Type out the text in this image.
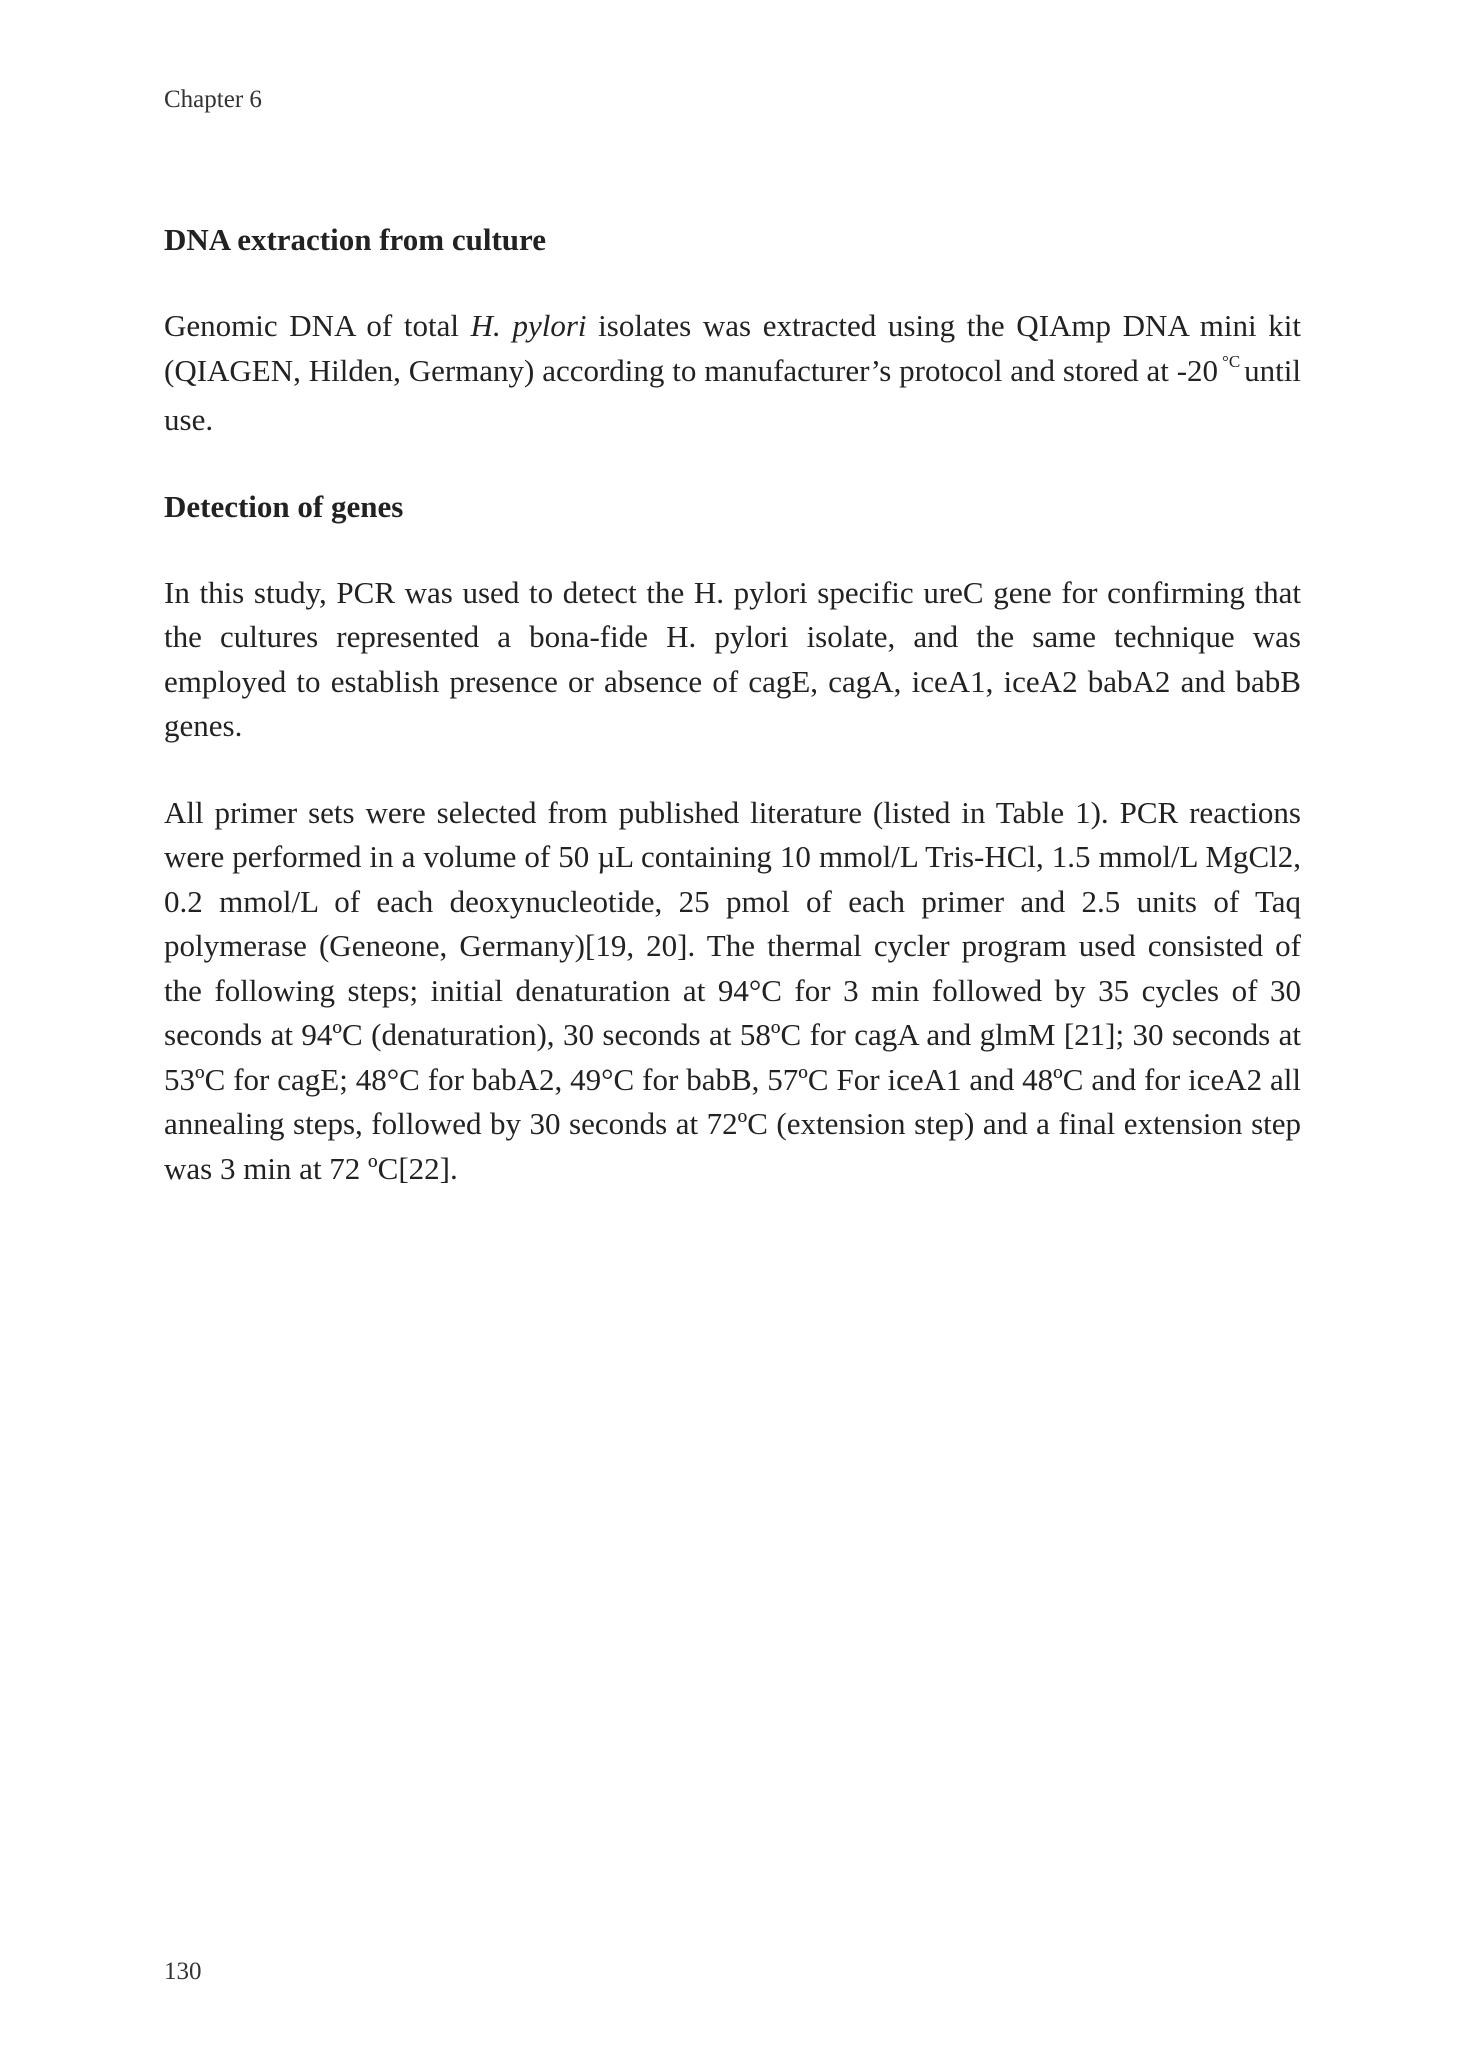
Chapter 6
DNA extraction from culture

Genomic DNA of total H. pylori isolates was extracted using the QIAmp DNA mini kit (QIAGEN, Hilden, Germany) according to manufacturer’s protocol and stored at -20 $^{^\circ C}$ until use.

Detection of genes

In this study, PCR was used to detect the H. pylori specific ureC gene for confirming that the cultures represented a bona-fide H. pylori isolate, and the same technique was employed to establish presence or absence of cagE, cagA, iceA1, iceA2 babA2 and babB genes.

All primer sets were selected from published literature (listed in Table 1). PCR reactions were performed in a volume of 50 µL containing 10 mmol/L Tris-HCl, 1.5 mmol/L MgCl2, 0.2 mmol/L of each deoxynucleotide, 25 pmol of each primer and 2.5 units of Taq polymerase (Geneone, Germany)[19, 20]. The thermal cycler program used consisted of the following steps; initial denaturation at 94°C for 3 min followed by 35 cycles of 30 seconds at 94ºC (denaturation), 30 seconds at 58ºC for cagA and glmM [21]; 30 seconds at 53ºC for cagE; 48°C for babA2, 49°C for babB, 57ºC For iceA1 and 48ºC and for iceA2 all annealing steps, followed by 30 seconds at 72ºC (extension step) and a final extension step was 3 min at 72 ºC[22].

130
